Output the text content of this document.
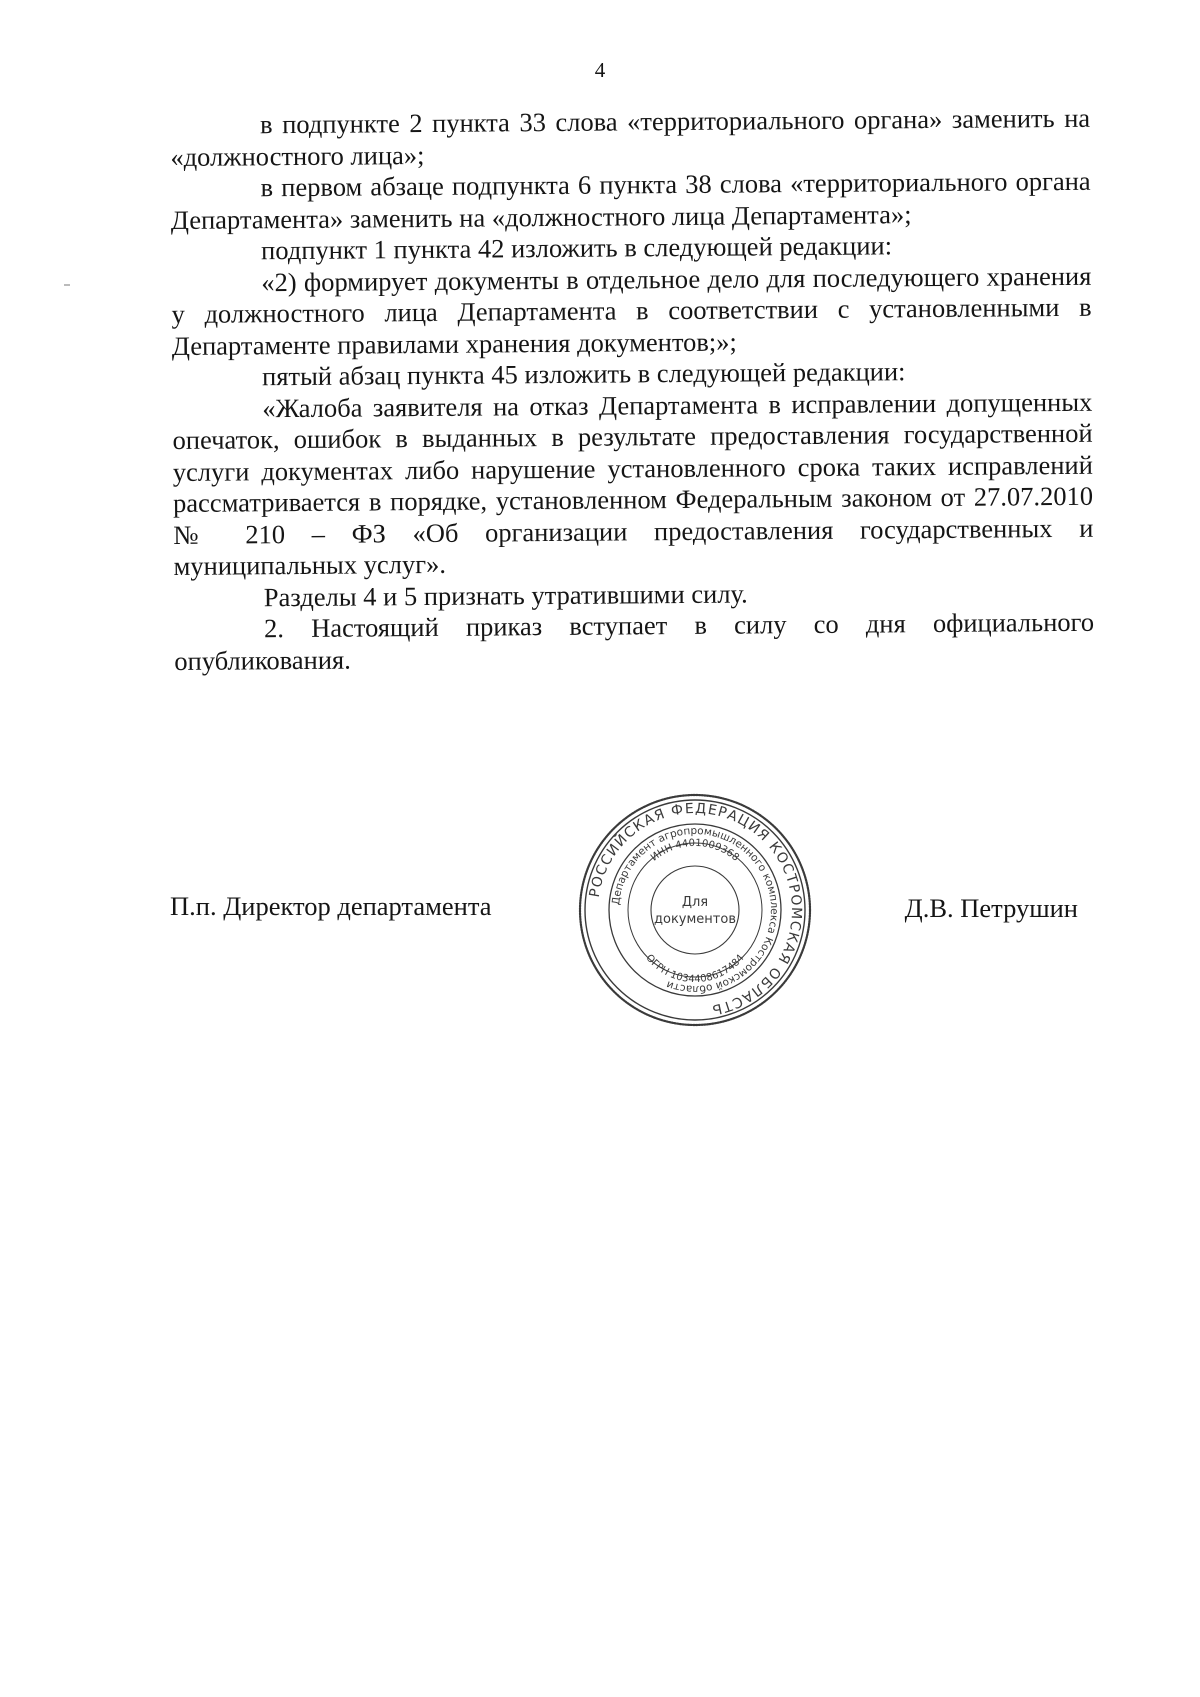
4

в подпункте 2 пункта 33 слова «территориального органа» заменить на «должностного лица»;

в первом абзаце подпункта 6 пункта 38 слова «территориального органа Департамента» заменить на «должностного лица Департамента»;

подпункт 1 пункта 42 изложить в следующей редакции:

«2) формирует документы в отдельное дело для последующего хранения у должностного лица Департамента в соответствии с установленными в Департаменте правилами хранения документов;»;

пятый абзац пункта 45 изложить в следующей редакции:

«Жалоба заявителя на отказ Департамента в исправлении допущенных опечаток, ошибок в выданных в результате предоставления государственной услуги документах либо нарушение установленного срока таких исправлений рассматривается в порядке, установленном Федеральным законом от 27.07.2010 № 210 – ФЗ «Об организации предоставления государственных и муниципальных услуг».

Разделы 4 и 5 признать утратившими силу.

2. Настоящий приказ вступает в силу со дня официального опубликования.

П.п. Директор департамента	РОССИЙСКАЯ ФЕДЕРАЦИЯ КОСТРОМСКАЯ ОБЛАСТЬ
Департамент агропромышленного комплекса Костромской области
ИНН 4401009368
ОГРН 1034408617484
Для
документов	Д.В. Петрушин
